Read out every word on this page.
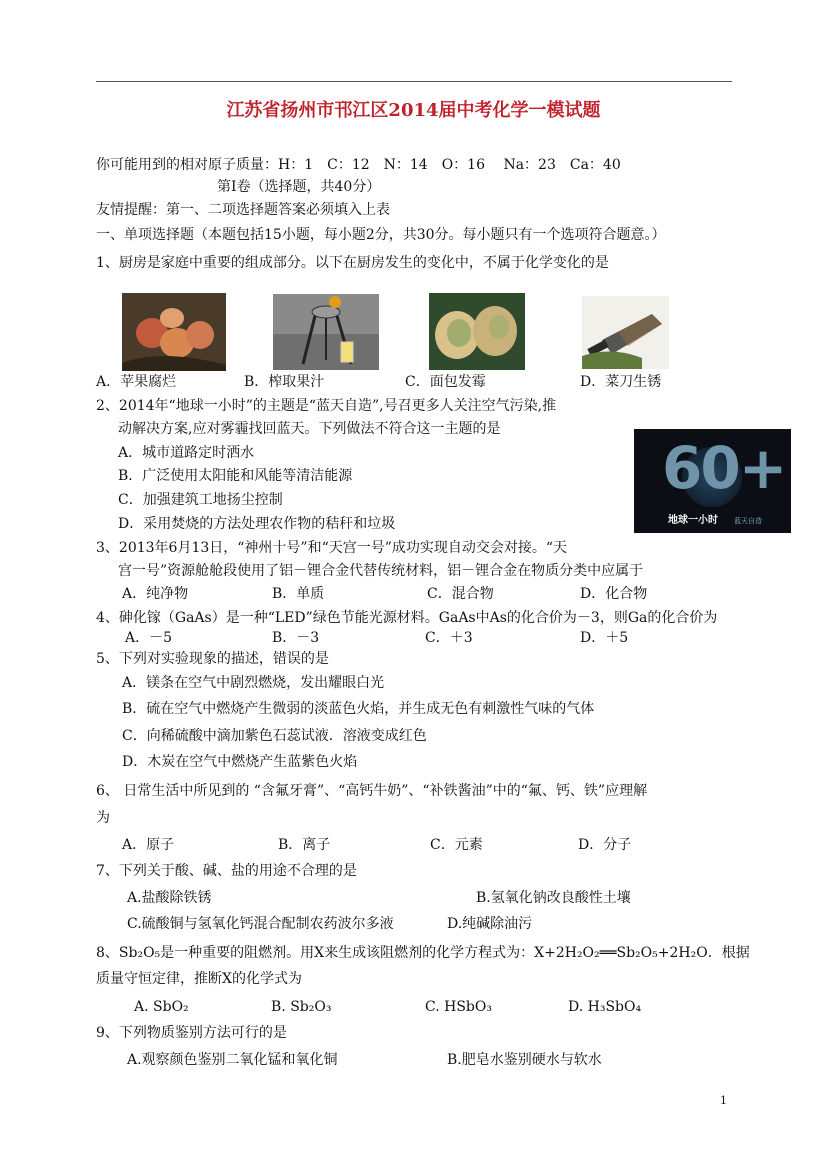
江苏省扬州市邗江区2014届中考化学一模试题
你可能用到的相对原子质量：H：1　C：12　N：14　O：16　 Na：23　Ca：40
第Ⅰ卷（选择题，共40分）
友情提醒：第一、二项选择题答案必须填入上表
一、单项选择题（本题包括15小题，每小题2分，共30分。每小题只有一个选项符合题意。）
1、厨房是家庭中重要的组成部分。以下在厨房发生的变化中，不属于化学变化的是
A．苹果腐烂	B．榨取果汁	C．面包发霉	D．菜刀生锈
2、2014年“地球一小时”的主题是“蓝天自造”,号召更多人关注空气污染,推
动解决方案,应对雾霾找回蓝天。下列做法不符合这一主题的是
A．城市道路定时洒水
B．广泛使用太阳能和风能等清洁能源
C．加强建筑工地扬尘控制
D．采用焚烧的方法处理农作物的秸秆和垃圾
60+
地球一小时 蓝天自造
3、2013年6月13日，“神州十号”和“天宫一号”成功实现自动交会对接。“天
宫一号”资源舱舱段使用了铝－锂合金代替传统材料，铝－锂合金在物质分类中应属于
A．纯净物	B．单质	C．混合物	D．化合物
4、砷化镓（GaAs）是一种“LED”绿色节能光源材料。GaAs中As的化合价为－3，则Ga的化合价为
A．－5	B．－3	C．＋3	D．＋5
5、下列对实验现象的描述，错误的是
A．镁条在空气中剧烈燃烧，发出耀眼白光
B．硫在空气中燃烧产生微弱的淡蓝色火焰，并生成无色有刺激性气味的气体
C．向稀硫酸中滴加紫色石蕊试液．溶液变成红色
D．木炭在空气中燃烧产生蓝紫色火焰
6、 日常生活中所见到的 “含氟牙膏”、“高钙牛奶”、“补铁酱油”中的“氟、钙、铁”应理解
为
A．原子	B．离子	C．元素	D．分子
7、下列关于酸、碱、盐的用途不合理的是
A.盐酸除铁锈	B.氢氧化钠改良酸性土壤
C.硫酸铜与氢氧化钙混合配制农药波尔多液	D.纯碱除油污
8、Sb₂O₅是一种重要的阻燃剂。用X来生成该阻燃剂的化学方程式为：X+2H₂O₂══Sb₂O₅+2H₂O．根据
质量守恒定律，推断X的化学式为
A. SbO₂	B. Sb₂O₃	C. HSbO₃	D. H₃SbO₄
9、下列物质鉴别方法可行的是
A.观察颜色鉴别二氧化锰和氧化铜	B.肥皂水鉴别硬水与软水
1
